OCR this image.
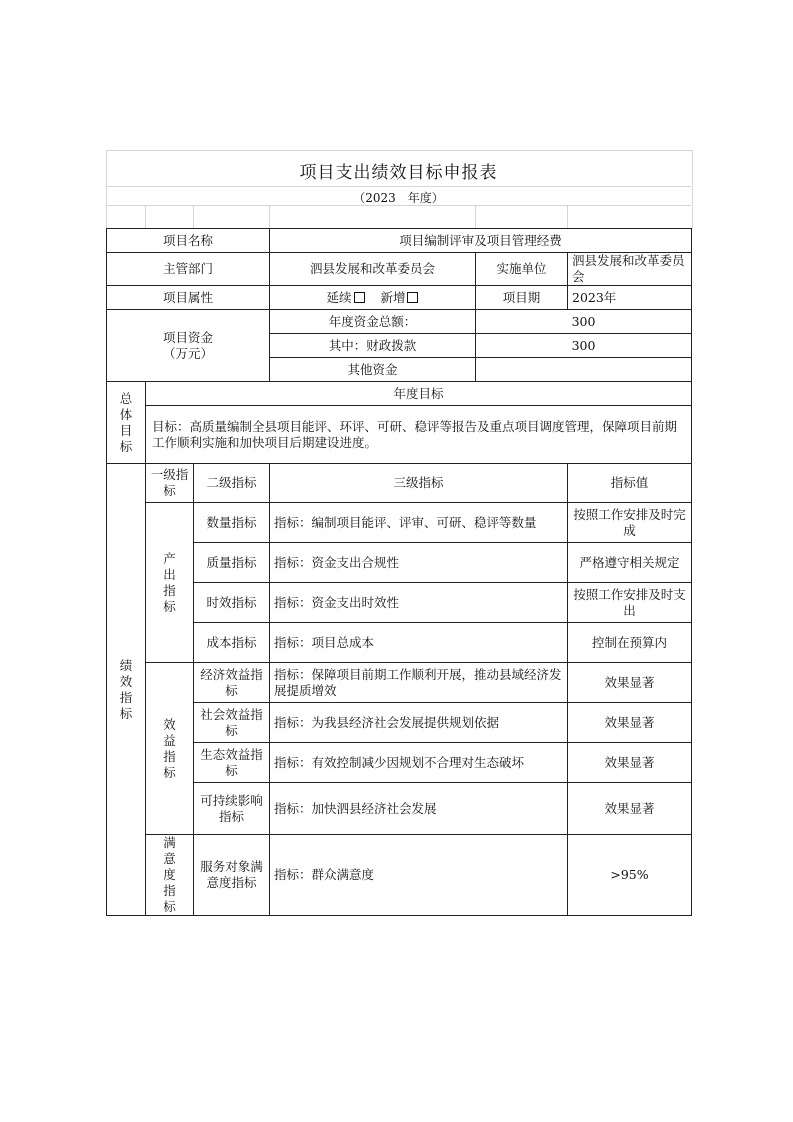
项目支出绩效目标申报表
（2023　年度）
项目名称			项目编制评审及项目管理经费		
主管部门			泗县发展和改革委员会	实施单位	泗县发展和改革委员会
项目属性			延续 新增	项目期	2023年

项目资金
（万元）			年度资金总额：	300	
			其中：财政拨款	300	
			其他资金		

总
体
目
标	年度目标				
	目标：高质量编制全县项目能评、环评、可研、稳评等报告及重点项目调度管理，保障项目前期工作顺利实施和加快项目后期建设进度。				

绩
效
指
标	一级指标	二级指标	三级指标		指标值

	产
出
指
标	数量指标	指标：编制项目能评、评审、可研、稳评等数量		按照工作安排及时完成
		质量指标	指标：资金支出合规性		严格遵守相关规定
		时效指标	指标：资金支出时效性		按照工作安排及时支出
		成本指标	指标：项目总成本		控制在预算内

	效
益
指
标	经济效益指标	指标：保障项目前期工作顺利开展，推动县域经济发展提质增效		效果显著
		社会效益指标	指标：为我县经济社会发展提供规划依据		效果显著
		生态效益指标	指标：有效控制减少因规划不合理对生态破坏		效果显著
		可持续影响指标	指标：加快泗县经济社会发展		效果显著

	满
意
度
指
标	服务对象满意度指标	指标：群众满意度		>95%
